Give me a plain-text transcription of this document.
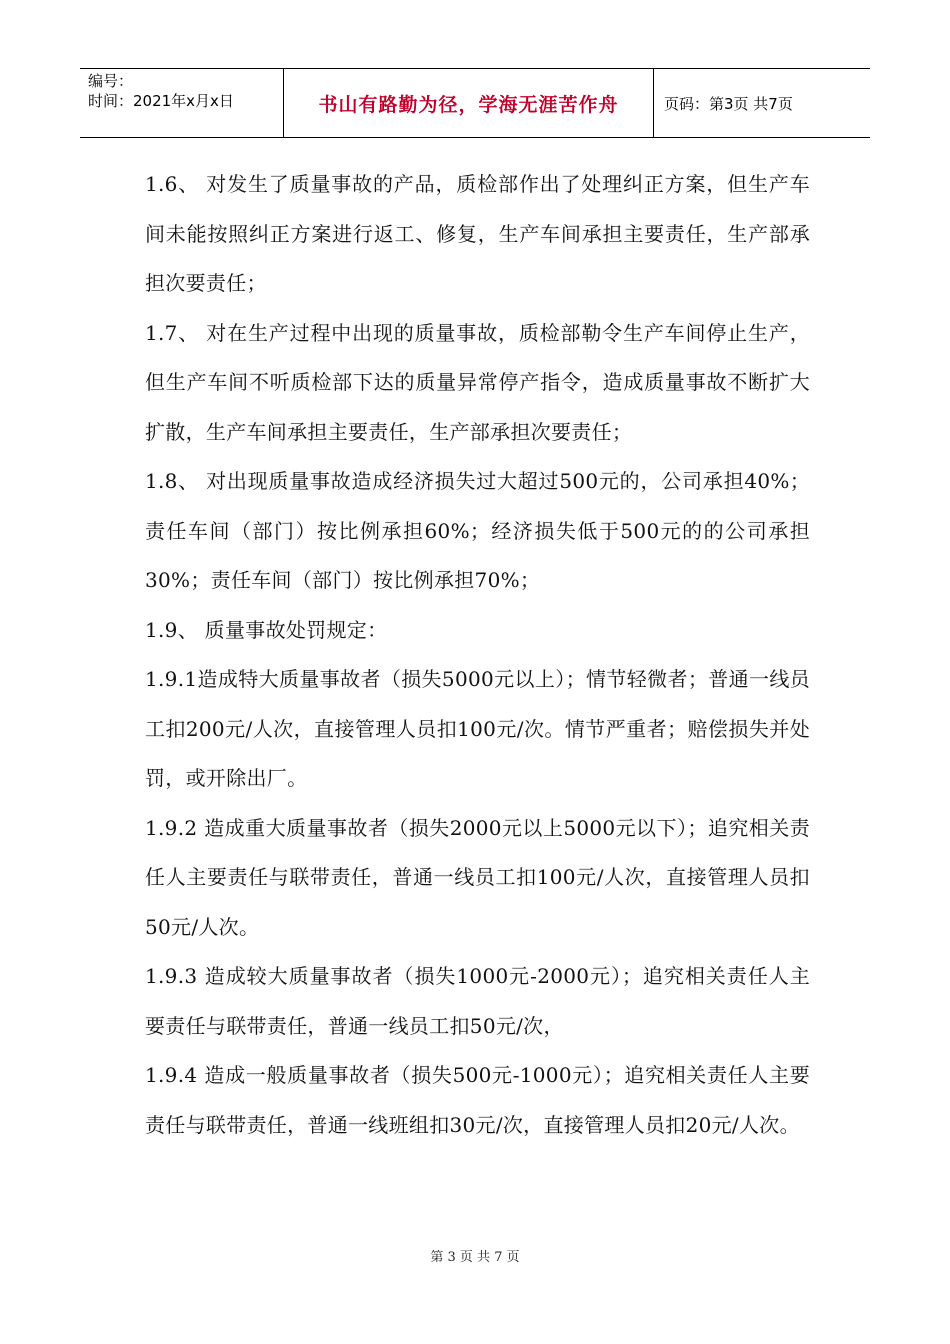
编号：
时间：2021年x月x日	书山有路勤为径，学海无涯苦作舟	页码：第3页 共7页

1.6、 对发生了质量事故的产品，质检部作出了处理纠正方案，但生产车间未能按照纠正方案进行返工、修复，生产车间承担主要责任，生产部承担次要责任；

1.7、 对在生产过程中出现的质量事故，质检部勒令生产车间停止生产，但生产车间不听质检部下达的质量异常停产指令，造成质量事故不断扩大扩散，生产车间承担主要责任，生产部承担次要责任；

1.8、 对出现质量事故造成经济损失过大超过500元的，公司承担40%；责任车间（部门）按比例承担60%；经济损失低于500元的的公司承担30%；责任车间（部门）按比例承担70%；

1.9、 质量事故处罚规定：

1.9.1造成特大质量事故者（损失5000元以上）；情节轻微者；普通一线员工扣200元/人次，直接管理人员扣100元/次。情节严重者；赔偿损失并处罚，或开除出厂。

1.9.2 造成重大质量事故者（损失2000元以上5000元以下）；追究相关责任人主要责任与联带责任，普通一线员工扣100元/人次，直接管理人员扣50元/人次。

1.9.3 造成较大质量事故者（损失1000元-2000元）；追究相关责任人主要责任与联带责任，普通一线员工扣50元/次，

1.9.4 造成一般质量事故者（损失500元-1000元）；追究相关责任人主要责任与联带责任，普通一线班组扣30元/次，直接管理人员扣20元/人次。

第 3 页 共 7 页
